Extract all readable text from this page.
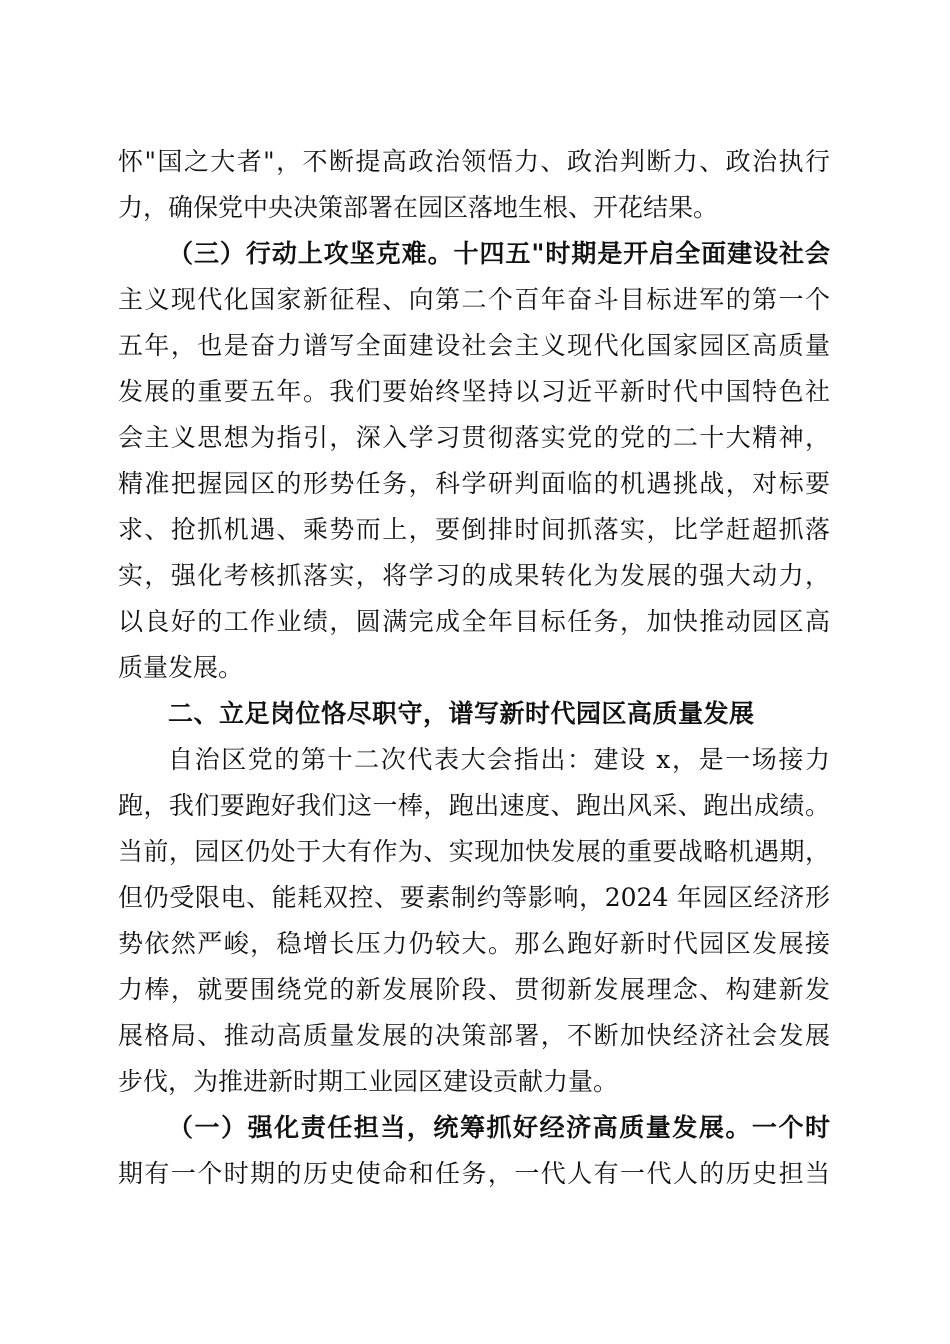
怀"国之大者"，不断提高政治领悟力、政治判断力、政治执行
力，确保党中央决策部署在园区落地生根、开花结果。
（三）行动上攻坚克难。十四五"时期是开启全面建设社会
主义现代化国家新征程、向第二个百年奋斗目标进军的第一个
五年，也是奋力谱写全面建设社会主义现代化国家园区高质量
发展的重要五年。我们要始终坚持以习近平新时代中国特色社
会主义思想为指引，深入学习贯彻落实党的党的二十大精神，
精准把握园区的形势任务，科学研判面临的机遇挑战，对标要
求、抢抓机遇、乘势而上，要倒排时间抓落实，比学赶超抓落
实，强化考核抓落实，将学习的成果转化为发展的强大动力，
以良好的工作业绩，圆满完成全年目标任务，加快推动园区高
质量发展。
二、立足岗位恪尽职守，谱写新时代园区高质量发展
自治区党的第十二次代表大会指出：建设 x，是一场接力
跑，我们要跑好我们这一棒，跑出速度、跑出风采、跑出成绩。
当前，园区仍处于大有作为、实现加快发展的重要战略机遇期，
但仍受限电、能耗双控、要素制约等影响，2024 年园区经济形
势依然严峻，稳增长压力仍较大。那么跑好新时代园区发展接
力棒，就要围绕党的新发展阶段、贯彻新发展理念、构建新发
展格局、推动高质量发展的决策部署，不断加快经济社会发展
步伐，为推进新时期工业园区建设贡献力量。
（一）强化责任担当，统筹抓好经济高质量发展。一个时
期有一个时期的历史使命和任务，一代人有一代人的历史担当
